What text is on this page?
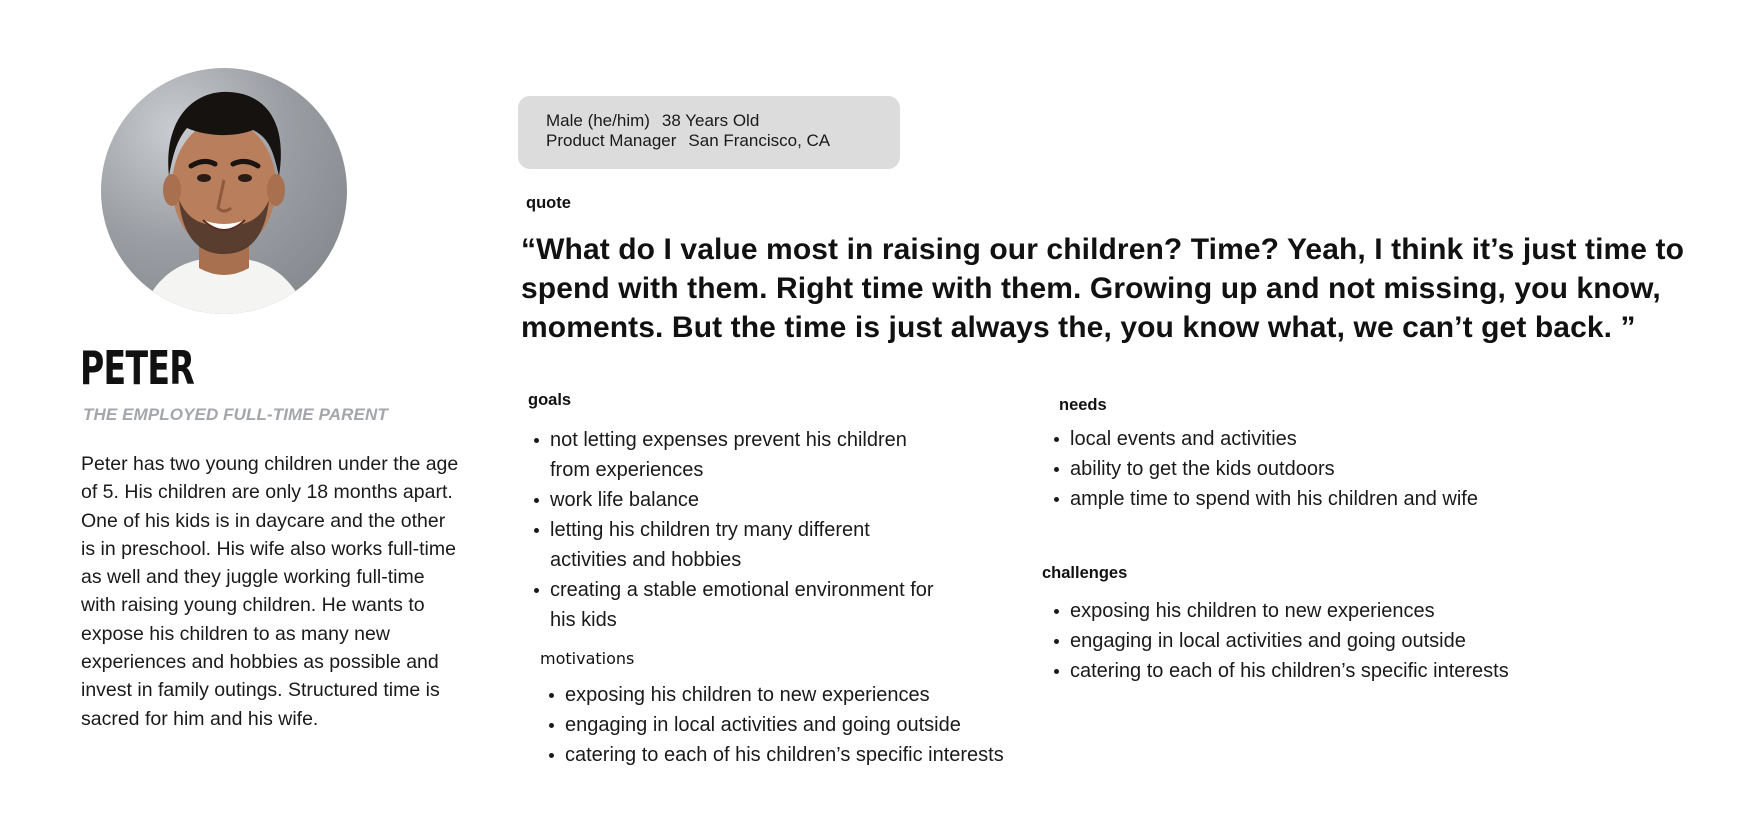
PETER
THE EMPLOYED FULL-TIME PARENT

Peter has two young children under the age of 5. His children are only 18 months apart. One of his kids is in daycare and the other is in preschool. His wife also works full-time as well and they juggle working full-time with raising young children. He wants to expose his children to as many new experiences and hobbies as possible and invest in family outings. Structured time is sacred for him and his wife.

Male (he/him) 38 Years Old
Product Manager San Francisco, CA
quote

“What do I value most in raising our children? Time? Yeah, I think it’s just time to spend with them. Right time with them. Growing up and not missing, you know, moments. But the time is just always the, you know what, we can’t get back. ”

goals
not letting expenses prevent his children from experiences
work life balance
letting his children try many different activities and hobbies
creating a stable emotional environment for his kids
motivations
exposing his children to new experiences
engaging in local activities and going outside
catering to each of his children’s specific interests
needs
local events and activities
ability to get the kids outdoors
ample time to spend with his children and wife
challenges
exposing his children to new experiences
engaging in local activities and going outside
catering to each of his children’s specific interests
